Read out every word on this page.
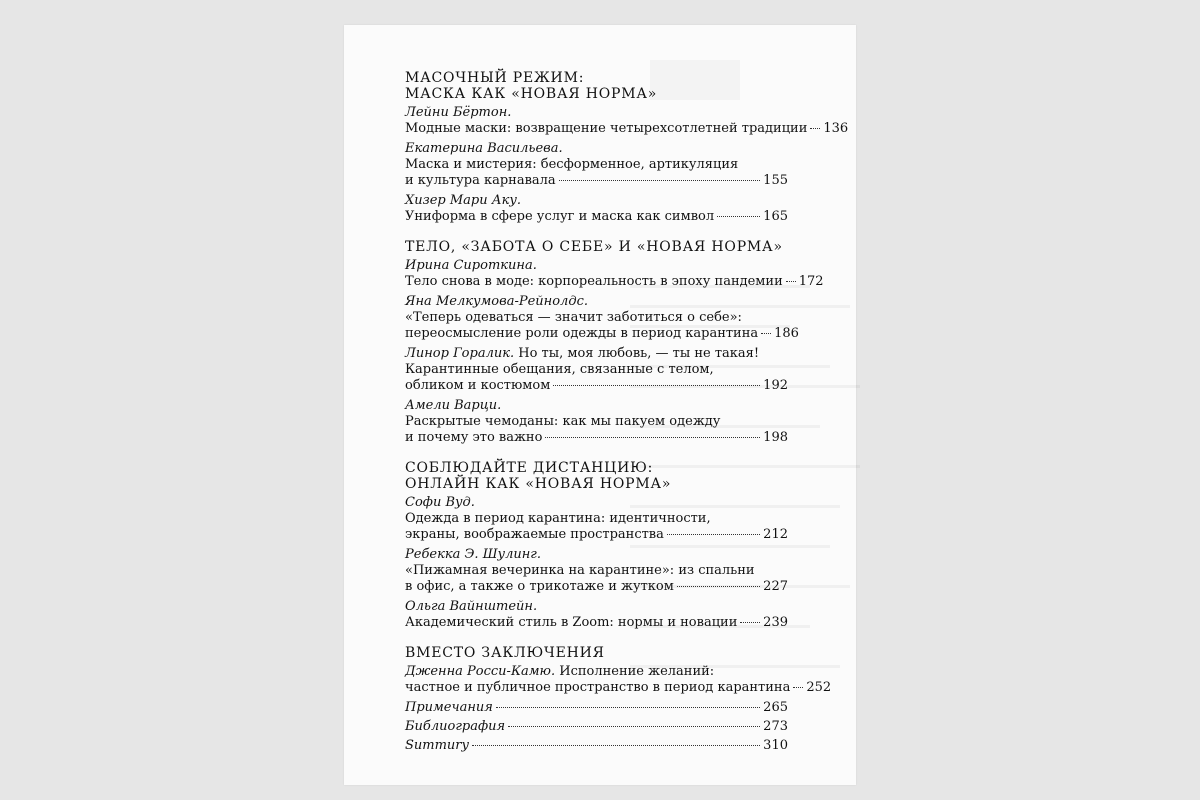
МАСОЧНЫЙ РЕЖИМ:
МАСКА КАК «НОВАЯ НОРМА»
Лейни Бёртон.
Модные маски: возвращение четырехсотлетней традиции 136
Екатерина Васильева.
Маска и мистерия: бесформенное, артикуляция
и культура карнавала	155
Хизер Мари Аку.
Униформа в сфере услуг и маска как символ	165
ТЕЛО, «ЗАБОТА О СЕБЕ» И «НОВАЯ НОРМА»
Ирина Сироткина.
Тело снова в моде: корпореальность в эпоху пандемии 172
Яна Мелкумова-Рейнолдс.
«Теперь одеваться — значит заботиться о себе»:
переосмысление роли одежды в период карантина 186
Линор Горалик. Но ты, моя любовь, — ты не такая!
Карантинные обещания, связанные с телом,
обликом и костюмом	192
Амели Варци.
Раскрытые чемоданы: как мы пакуем одежду
и почему это важно	198
СОБЛЮДАЙТЕ ДИСТАНЦИЮ:
ОНЛАЙН КАК «НОВАЯ НОРМА»
Софи Вуд.
Одежда в период карантина: идентичности,
экраны, воображаемые пространства	212
Ребекка Э. Шулинг.
«Пижамная вечеринка на карантине»: из спальни
в офис, а также о трикотаже и жутком	227
Ольга Вайнштейн.
Академический стиль в Zoom: нормы и новации 239
ВМЕСТО ЗАКЛЮЧЕНИЯ
Дженна Росси-Камю. Исполнение желаний:
частное и публичное пространство в период карантина 252
Примечания	265
Библиография	273
Summury	310
